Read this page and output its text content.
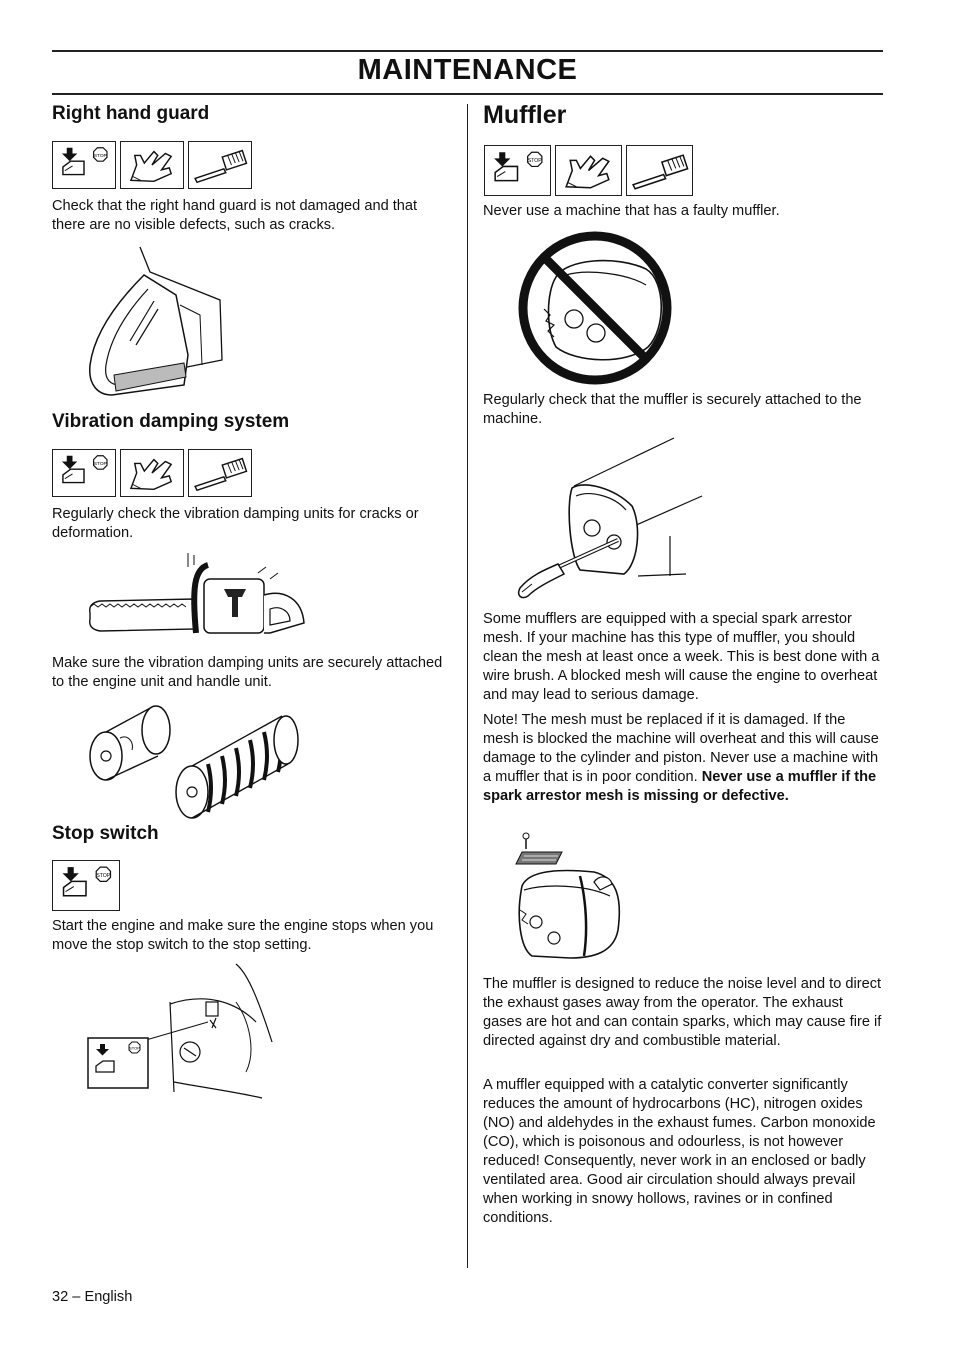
MAINTENANCE
Right hand guard
STOP

Check that the right hand guard is not damaged and that there are no visible defects, such as cracks.

Vibration damping system
STOP

Regularly check the vibration damping units for cracks or deformation.

Make sure the vibration damping units are securely attached to the engine unit and handle unit.

Stop switch
STOP

Start the engine and make sure the engine stops when you move the stop switch to the stop setting.

STOP
Muffler
STOP

Never use a machine that has a faulty muffler.

Regularly check that the muffler is securely attached to the machine.

Some mufflers are equipped with a special spark arrestor mesh. If your machine has this type of muffler, you should clean the mesh at least once a week. This is best done with a wire brush. A blocked mesh will cause the engine to overheat and may lead to serious damage.

Note! The mesh must be replaced if it is damaged. If the mesh is blocked the machine will overheat and this will cause damage to the cylinder and piston. Never use a machine with a muffler that is in poor condition. Never use a muffler if the spark arrestor mesh is missing or defective.

The muffler is designed to reduce the noise level and to direct the exhaust gases away from the operator. The exhaust gases are hot and can contain sparks, which may cause fire if directed against dry and combustible material.

A muffler equipped with a catalytic converter significantly reduces the amount of hydrocarbons (HC), nitrogen oxides (NO) and aldehydes in the exhaust fumes. Carbon monoxide (CO), which is poisonous and odourless, is not however reduced! Consequently, never work in an enclosed or badly ventilated area. Good air circulation should always prevail when working in snowy hollows, ravines or in confined conditions.

32 – English
